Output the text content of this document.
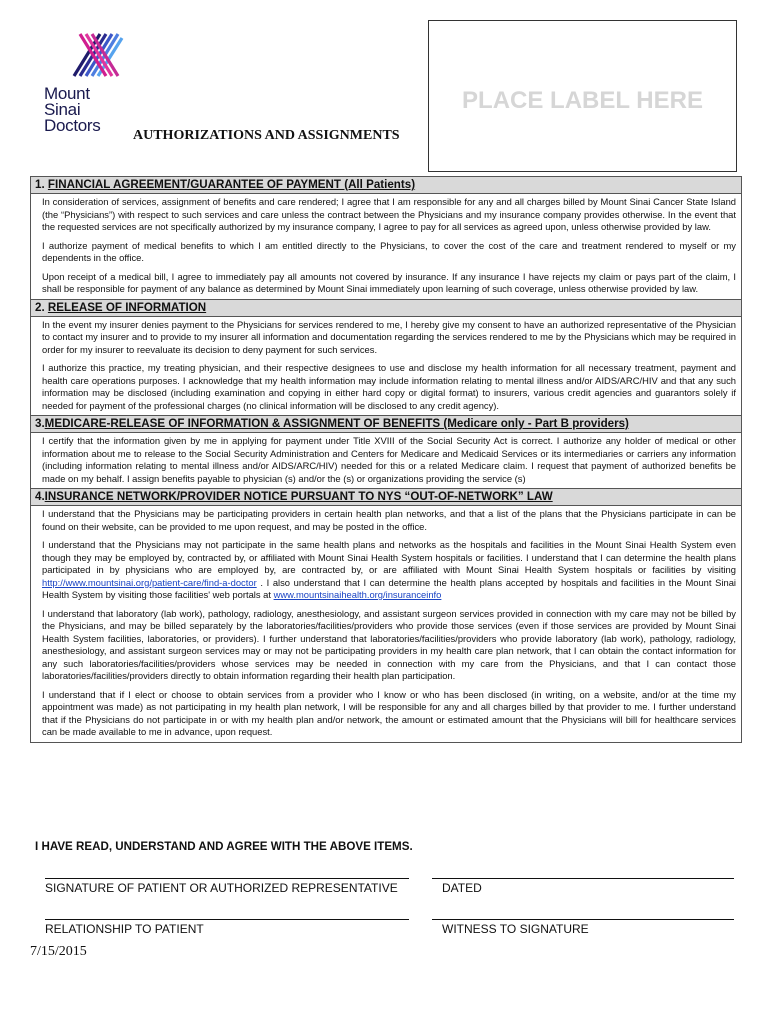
Mount
Sinai
Doctors
AUTHORIZATIONS AND ASSIGNMENTS
PLACE LABEL HERE
1. FINANCIAL AGREEMENT/GUARANTEE OF PAYMENT (All Patients)

In consideration of services, assignment of benefits and care rendered; I agree that I am responsible for any and all charges billed by Mount Sinai Cancer State Island (the “Physicians”) with respect to such services and care unless the contract between the Physicians and my insurance company provides otherwise. In the event that the requested services are not specifically authorized by my insurance company, I agree to pay for all services as agreed upon, unless otherwise provided by law.

I authorize payment of medical benefits to which I am entitled directly to the Physicians, to cover the cost of the care and treatment rendered to myself or my dependents in the office.

Upon receipt of a medical bill, I agree to immediately pay all amounts not covered by insurance. If any insurance I have rejects my claim or pays part of the claim, I shall be responsible for payment of any balance as determined by Mount Sinai immediately upon learning of such coverage, unless otherwise provided by law.

2. RELEASE OF INFORMATION

In the event my insurer denies payment to the Physicians for services rendered to me, I hereby give my consent to have an authorized representative of the Physician to contact my insurer and to provide to my insurer all information and documentation regarding the services rendered to me by the Physicians which may be required in order for my insurer to reevaluate its decision to deny payment for such services.

I authorize this practice, my treating physician, and their respective designees to use and disclose my health information for all necessary treatment, payment and health care operations purposes. I acknowledge that my health information may include information relating to mental illness and/or AIDS/ARC/HIV and that any such information may be disclosed (including examination and copying in either hard copy or digital format) to insurers, various credit agencies and guarantors solely if needed for payment of the professional charges (no clinical information will be disclosed to any credit agency).

3.MEDICARE-RELEASE OF INFORMATION & ASSIGNMENT OF BENEFITS (Medicare only - Part B providers)

I certify that the information given by me in applying for payment under Title XVIII of the Social Security Act is correct. I authorize any holder of medical or other information about me to release to the Social Security Administration and Centers for Medicare and Medicaid Services or its intermediaries or carriers any information (including information relating to mental illness and/or AIDS/ARC/HIV) needed for this or a related Medicare claim. I request that payment of authorized benefits be made on my behalf. I assign benefits payable to physician (s) and/or the (s) or organizations providing the service (s)

4.INSURANCE NETWORK/PROVIDER NOTICE PURSUANT TO NYS “OUT-OF-NETWORK” LAW

I understand that the Physicians may be participating providers in certain health plan networks, and that a list of the plans that the Physicians participate in can be found on their website, can be provided to me upon request, and may be posted in the office.

I understand that the Physicians may not participate in the same health plans and networks as the hospitals and facilities in the Mount Sinai Health System even though they may be employed by, contracted by, or affiliated with Mount Sinai Health System hospitals or facilities. I understand that I can determine the health plans participated in by physicians who are employed by, are contracted by, or are affiliated with Mount Sinai Health System hospitals or facilities by visiting http://www.mountsinai.org/patient-care/find-a-doctor . I also understand that I can determine the health plans accepted by hospitals and facilities in the Mount Sinai Health System by visiting those facilities' web portals at www.mountsinaihealth.org/insuranceinfo

I understand that laboratory (lab work), pathology, radiology, anesthesiology, and assistant surgeon services provided in connection with my care may not be billed by the Physicians, and may be billed separately by the laboratories/facilities/providers who provide those services (even if those services are provided by Mount Sinai Health System facilities, laboratories, or providers). I further understand that laboratories/facilities/providers who provide laboratory (lab work), pathology, radiology, anesthesiology, and assistant surgeon services may or may not be participating providers in my health care plan network, that I can obtain the contact information for any such laboratories/facilities/providers whose services may be needed in connection with my care from the Physicians, and that I can contact those laboratories/facilities/providers directly to obtain information regarding their health plan participation.

I understand that if I elect or choose to obtain services from a provider who I know or who has been disclosed (in writing, on a website, and/or at the time my appointment was made) as not participating in my health plan network, I will be responsible for any and all charges billed by that provider to me. I further understand that if the Physicians do not participate in or with my health plan and/or network, the amount or estimated amount that the Physicians will bill for healthcare services can be made available to me in advance, upon request.

I HAVE READ, UNDERSTAND AND AGREE WITH THE ABOVE ITEMS.
SIGNATURE OF PATIENT OR AUTHORIZED REPRESENTATIVE	DATED
RELATIONSHIP TO PATIENT	WITNESS TO SIGNATURE
7/15/2015
